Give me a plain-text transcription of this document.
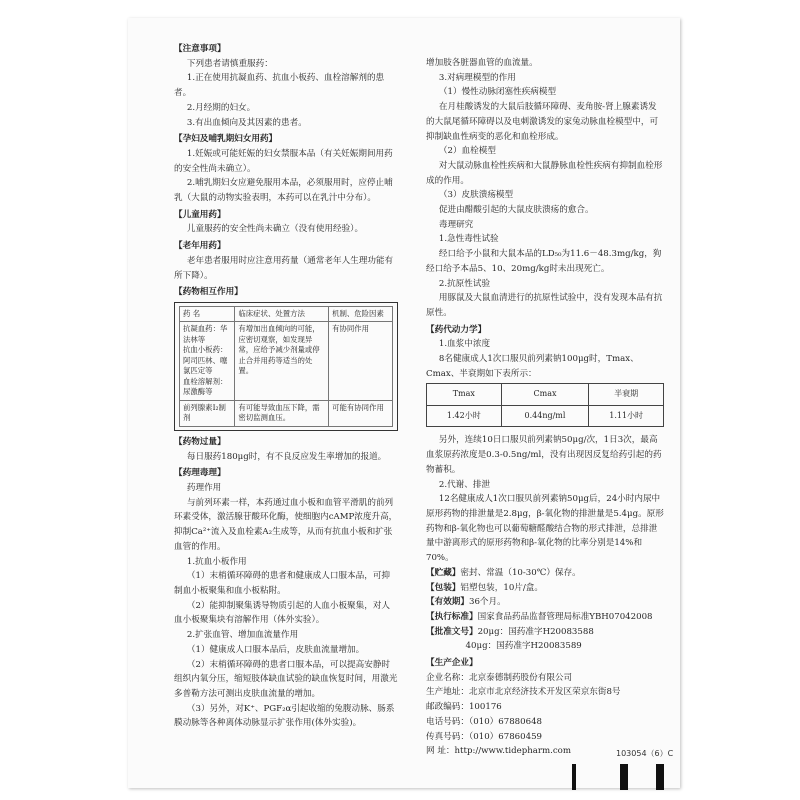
【注意事项】

下列患者请慎重服药：

1.正在使用抗凝血药、抗血小板药、血栓溶解剂的患者。

2.月经期的妇女。

3.有出血倾向及其因素的患者。

【孕妇及哺乳期妇女用药】

1.妊娠或可能妊娠的妇女禁服本品（有关妊娠期间用药的安全性尚未确立）。

2.哺乳期妇女应避免服用本品，必须服用时，应停止哺乳（大鼠的动物实验表明，本药可以在乳汁中分布）。

【儿童用药】

儿童服药的安全性尚未确立（没有使用经验）。

【老年用药】

老年患者服用时应注意用药量（通常老年人生理功能有所下降）。

【药物相互作用】

药 名	临床症状、处置方法	机制、危险因素
抗凝血药：华法林等
抗血小板药：阿司匹林、噻氯匹定等
血栓溶解剂：尿激酶等	有增加出血倾向的可能，应密切观察，如发现异常，应给予减少剂量或停止合并用药等适当的处置。	有协同作用
前列腺素I₂制剂	有可能导致血压下降，需密切监测血压。	可能有协同作用

【药物过量】

每日服药180μg时，有不良反应发生率增加的报道。

【药理毒理】

药理作用

与前列环素一样，本药通过血小板和血管平滑肌的前列环素受体，激活腺苷酸环化酶，使细胞内cAMP浓度升高，抑制Ca²⁺流入及血栓素A₂生成等，从而有抗血小板和扩张血管的作用。

1.抗血小板作用

（1）末梢循环障碍的患者和健康成人口服本品，可抑制血小板聚集和血小板粘附。

（2）能抑制聚集诱导物质引起的人血小板聚集，对人血小板聚集块有溶解作用（体外实验）。

2.扩张血管、增加血流量作用

（1）健康成人口服本品后，皮肤血流量增加。

（2）末梢循环障碍的患者口服本品，可以提高安静时组织内氧分压，缩短肢体缺血试验的缺血恢复时间，用激光多普勒方法可测出皮肤血流量的增加。

（3）另外，对K⁺、PGF₂α引起收缩的兔腹动脉、肠系膜动脉等各种离体动脉显示扩张作用(体外实验)。

增加肢各脏器血管的血流量。

3.对病理模型的作用

（1）慢性动脉闭塞性疾病模型

在月桂酸诱发的大鼠后肢循环障碍、麦角胺-肾上腺素诱发的大鼠尾循环障碍以及电刺激诱发的家兔动脉血栓模型中，可抑制缺血性病变的恶化和血栓形成。

（2）血栓模型

对大鼠动脉血栓性疾病和大鼠静脉血栓性疾病有抑制血栓形成的作用。

（3）皮肤溃疡模型

促进由醋酸引起的大鼠皮肤溃疡的愈合。

毒理研究

1.急性毒性试验

经口给予小鼠和大鼠本品的LD₅₀为11.6－48.3mg/kg，狗经口给予本品5、10、20mg/kg时未出现死亡。

2.抗原性试验

用豚鼠及大鼠血清进行的抗原性试验中，没有发现本品有抗原性。

【药代动力学】

1.血浆中浓度

8名健康成人1次口服贝前列素钠100μg时，Tmax、Cmax、半衰期如下表所示：

Tmax	Cmax	半衰期
1.42小时	0.44ng/ml	1.11小时

另外，连续10日口服贝前列素钠50μg/次，1日3次，最高血浆原药浓度是0.3-0.5ng/ml，没有出现因反复给药引起的药物蓄积。

2.代谢、排泄

12名健康成人1次口服贝前列素钠50μg后，24小时内尿中原形药物的排泄量是2.8μg，β-氧化物的排泄量是5.4μg。原形药物和β-氧化物也可以葡萄糖醛酸结合物的形式排泄，总排泄量中游离形式的原形药物和β-氧化物的比率分别是14%和70%。

【贮藏】密封、常温（10-30℃）保存。

【包装】铝塑包装，10片/盒。

【有效期】36个月。

【执行标准】国家食品药品监督管理局标准YBH07042008

【批准文号】20μg：国药准字H20083588

40μg：国药准字H20083589

【生产企业】

企业名称：北京泰德制药股份有限公司

生产地址：北京市北京经济技术开发区荣京东街8号

邮政编码：100176

电话号码：（010）67880648

传真号码：（010）67860459

网 址：http://www.tidepharm.com	103054（6）C
